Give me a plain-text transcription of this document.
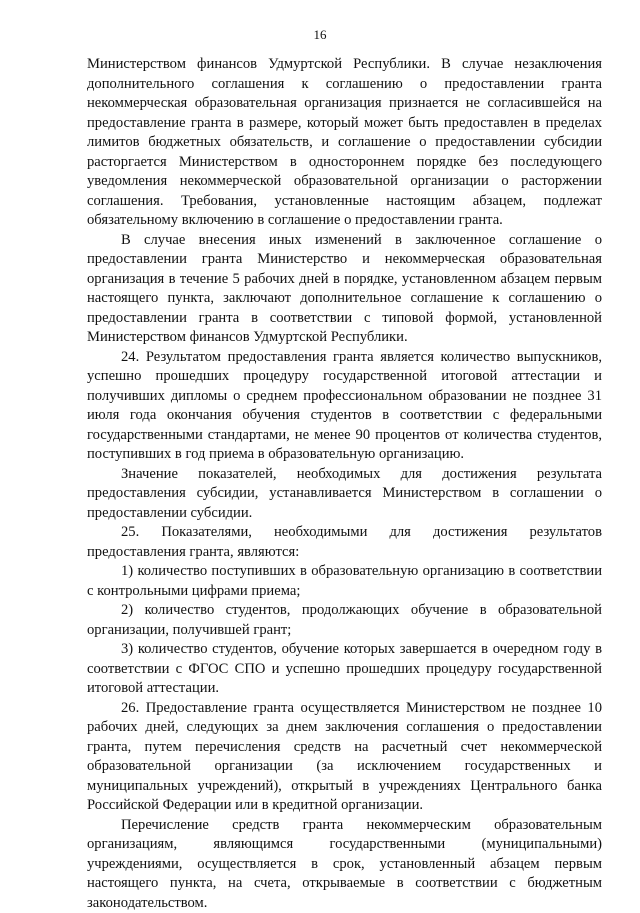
16

Министерством финансов Удмуртской Республики. В случае незаключения дополнительного соглашения к соглашению о предоставлении гранта некоммерческая образовательная организация признается не согласившейся на предоставление гранта в размере, который может быть предоставлен в пределах лимитов бюджетных обязательств, и соглашение о предоставлении субсидии расторгается Министерством в одностороннем порядке без последующего уведомления некоммерческой образовательной организации о расторжении соглашения. Требования, установленные настоящим абзацем, подлежат обязательному включению в соглашение о предоставлении гранта.

В случае внесения иных изменений в заключенное соглашение о предоставлении гранта Министерство и некоммерческая образовательная организация в течение 5 рабочих дней в порядке, установленном абзацем первым настоящего пункта, заключают дополнительное соглашение к соглашению о предоставлении гранта в соответствии с типовой формой, установленной Министерством финансов Удмуртской Республики.

24. Результатом предоставления гранта является количество выпускников, успешно прошедших процедуру государственной итоговой аттестации и получивших дипломы о среднем профессиональном образовании не позднее 31 июля года окончания обучения студентов в соответствии с федеральными государственными стандартами, не менее 90 процентов от количества студентов, поступивших в год приема в образовательную организацию.

Значение показателей, необходимых для достижения результата предоставления субсидии, устанавливается Министерством в соглашении о предоставлении субсидии.

25. Показателями, необходимыми для достижения результатов предоставления гранта, являются:

1) количество поступивших в образовательную организацию в соответствии с контрольными цифрами приема;

2) количество студентов, продолжающих обучение в образовательной организации, получившей грант;

3) количество студентов, обучение которых завершается в очередном году в соответствии с ФГОС СПО и успешно прошедших процедуру государственной итоговой аттестации.

26. Предоставление гранта осуществляется Министерством не позднее 10 рабочих дней, следующих за днем заключения соглашения о предоставлении гранта, путем перечисления средств на расчетный счет некоммерческой образовательной организации (за исключением государственных и муниципальных учреждений), открытый в учреждениях Центрального банка Российской Федерации или в кредитной организации.

Перечисление средств гранта некоммерческим образовательным организациям, являющимся государственными (муниципальными) учреждениями, осуществляется в срок, установленный абзацем первым настоящего пункта, на счета, открываемые в соответствии с бюджетным законодательством.
